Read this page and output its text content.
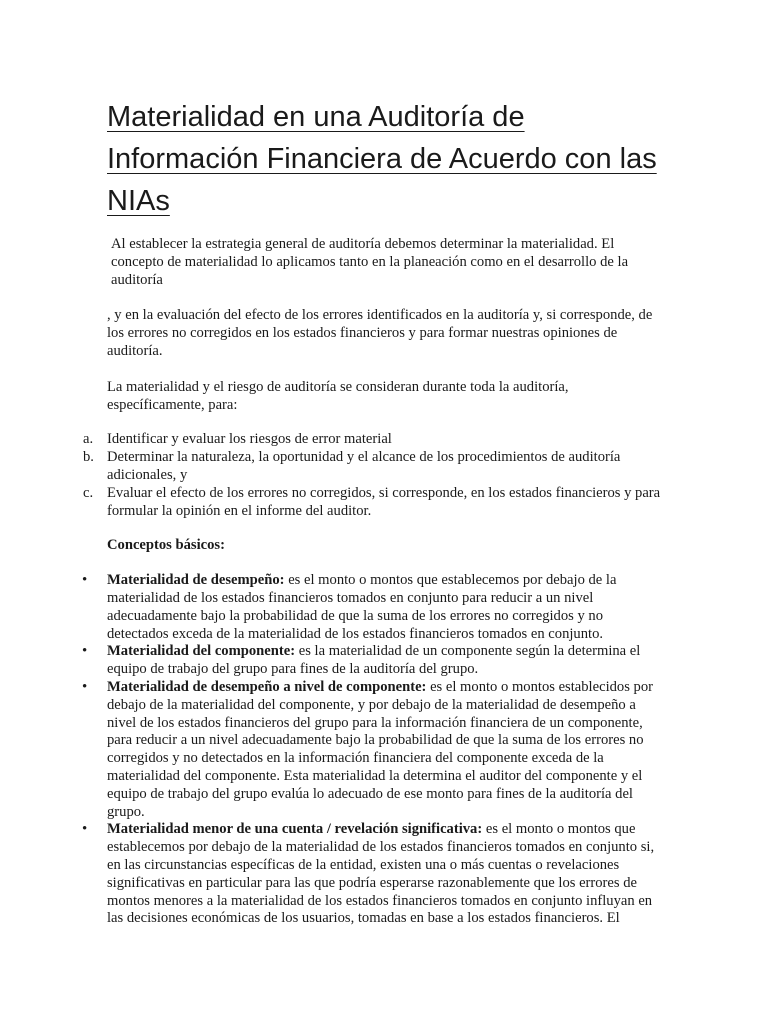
Materialidad en una Auditoría de
Información Financiera de Acuerdo con las
NIAs

Al establecer la estrategia general de auditoría debemos determinar la materialidad. El concepto de materialidad lo aplicamos tanto en la planeación como en el desarrollo de la auditoría

, y en la evaluación del efecto de los errores identificados en la auditoría y, si corresponde, de los errores no corregidos en los estados financieros y para formar nuestras opiniones de auditoría.

La materialidad y el riesgo de auditoría se consideran durante toda la auditoría, específicamente, para:

a. Identificar y evaluar los riesgos de error material
b. Determinar la naturaleza, la oportunidad y el alcance de los procedimientos de auditoría adicionales, y
c. Evaluar el efecto de los errores no corregidos, si corresponde, en los estados financieros y para formular la opinión en el informe del auditor.

Conceptos básicos:

• Materialidad de desempeño: es el monto o montos que establecemos por debajo de la materialidad de los estados financieros tomados en conjunto para reducir a un nivel adecuadamente bajo la probabilidad de que la suma de los errores no corregidos y no detectados exceda de la materialidad de los estados financieros tomados en conjunto.
• Materialidad del componente: es la materialidad de un componente según la determina el equipo de trabajo del grupo para fines de la auditoría del grupo.
• Materialidad de desempeño a nivel de componente: es el monto o montos establecidos por debajo de la materialidad del componente, y por debajo de la materialidad de desempeño a nivel de los estados financieros del grupo para la información financiera de un componente, para reducir a un nivel adecuadamente bajo la probabilidad de que la suma de los errores no corregidos y no detectados en la información financiera del componente exceda de la materialidad del componente. Esta materialidad la determina el auditor del componente y el equipo de trabajo del grupo evalúa lo adecuado de ese monto para fines de la auditoría del grupo.
• Materialidad menor de una cuenta / revelación significativa: es el monto o montos que establecemos por debajo de la materialidad de los estados financieros tomados en conjunto si, en las circunstancias específicas de la entidad, existen una o más cuentas o revelaciones significativas en particular para las que podría esperarse razonablemente que los errores de montos menores a la materialidad de los estados financieros tomados en conjunto influyan en las decisiones económicas de los usuarios, tomadas en base a los estados financieros. El
